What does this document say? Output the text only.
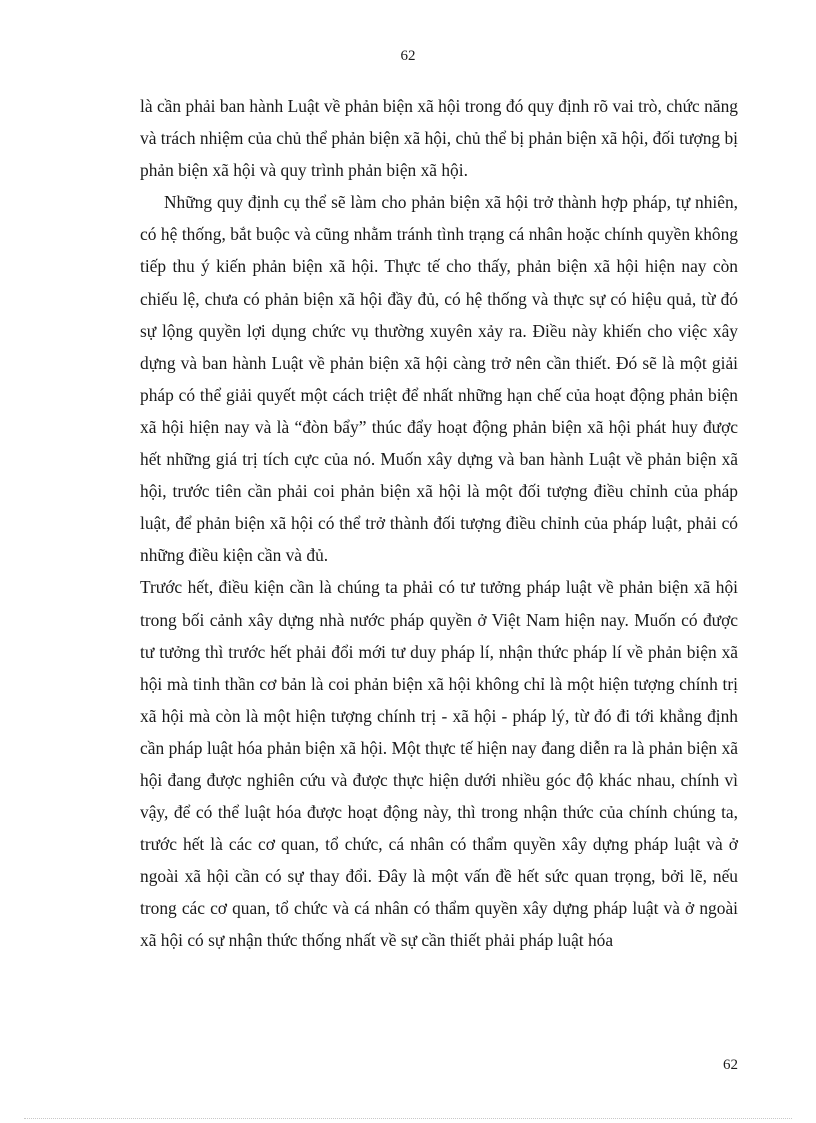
62

là cần phải ban hành Luật về phản biện xã hội trong đó quy định rõ vai trò, chức năng và trách nhiệm của chủ thể phản biện xã hội, chủ thể bị phản biện xã hội, đối tượng bị phản biện xã hội và quy trình phản biện xã hội.

Những quy định cụ thể sẽ làm cho phản biện xã hội trở thành hợp pháp, tự nhiên, có hệ thống, bắt buộc và cũng nhằm tránh tình trạng cá nhân hoặc chính quyền không tiếp thu ý kiến phản biện xã hội. Thực tế cho thấy, phản biện xã hội hiện nay còn chiếu lệ, chưa có phản biện xã hội đầy đủ, có hệ thống và thực sự có hiệu quả, từ đó sự lộng quyền lợi dụng chức vụ thường xuyên xảy ra. Điều này khiến cho việc xây dựng và ban hành Luật về phản biện xã hội càng trở nên cần thiết. Đó sẽ là một giải pháp có thể giải quyết một cách triệt để nhất những hạn chế của hoạt động phản biện xã hội hiện nay và là “đòn bẩy” thúc đẩy hoạt động phản biện xã hội phát huy được hết những giá trị tích cực của nó. Muốn xây dựng và ban hành Luật về phản biện xã hội, trước tiên cần phải coi phản biện xã hội là một đối tượng điều chỉnh của pháp luật, để phản biện xã hội có thể trở thành đối tượng điều chỉnh của pháp luật, phải có những điều kiện cần và đủ.

Trước hết, điều kiện cần là chúng ta phải có tư tưởng pháp luật về phản biện xã hội trong bối cảnh xây dựng nhà nước pháp quyền ở Việt Nam hiện nay. Muốn có được tư tưởng thì trước hết phải đổi mới tư duy pháp lí, nhận thức pháp lí về phản biện xã hội mà tinh thần cơ bản là coi phản biện xã hội không chỉ là một hiện tượng chính trị xã hội mà còn là một hiện tượng chính trị - xã hội - pháp lý, từ đó đi tới khẳng định cần pháp luật hóa phản biện xã hội. Một thực tế hiện nay đang diễn ra là phản biện xã hội đang được nghiên cứu và được thực hiện dưới nhiều góc độ khác nhau, chính vì vậy, để có thể luật hóa được hoạt động này, thì trong nhận thức của chính chúng ta, trước hết là các cơ quan, tổ chức, cá nhân có thẩm quyền xây dựng pháp luật và ở ngoài xã hội cần có sự thay đổi. Đây là một vấn đề hết sức quan trọng, bởi lẽ, nếu trong các cơ quan, tổ chức và cá nhân có thẩm quyền xây dựng pháp luật và ở ngoài xã hội có sự nhận thức thống nhất về sự cần thiết phải pháp luật hóa

62
